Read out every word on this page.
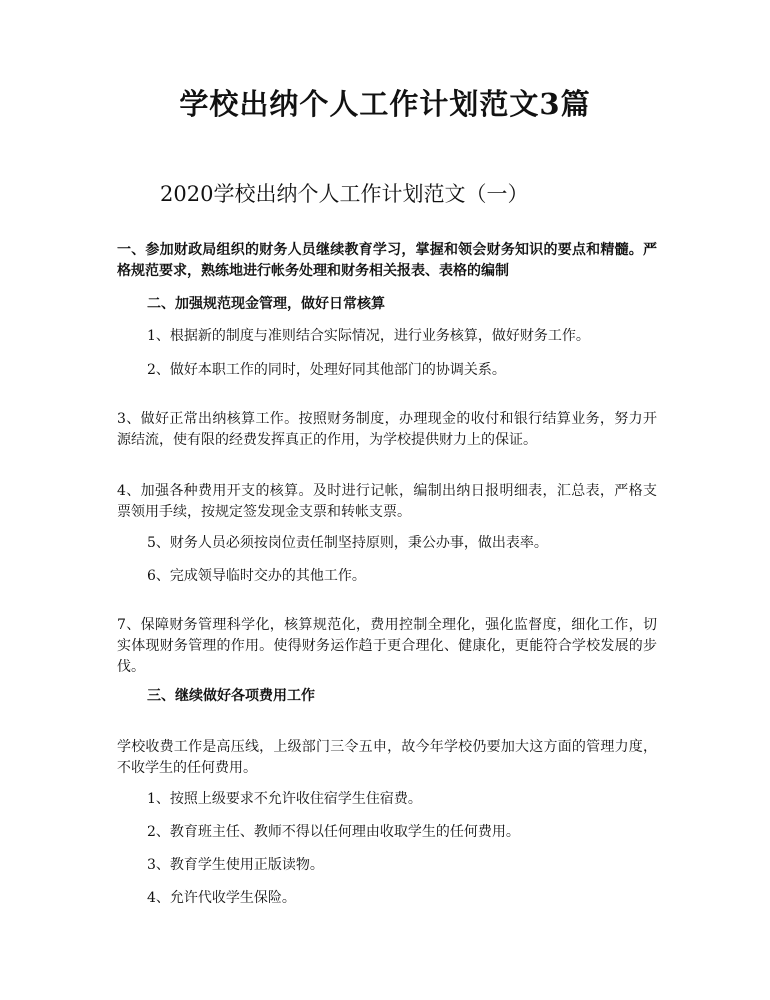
学校出纳个人工作计划范文3篇
2020学校出纳个人工作计划范文（一）

一、参加财政局组织的财务人员继续教育学习，掌握和领会财务知识的要点和精髓。严格规范要求，熟练地进行帐务处理和财务相关报表、表格的编制

二、加强规范现金管理，做好日常核算

1、根据新的制度与准则结合实际情况，进行业务核算，做好财务工作。

2、做好本职工作的同时，处理好同其他部门的协调关系。

3、做好正常出纳核算工作。按照财务制度，办理现金的收付和银行结算业务，努力开源结流，使有限的经费发挥真正的作用，为学校提供财力上的保证。

4、加强各种费用开支的核算。及时进行记帐，编制出纳日报明细表，汇总表，严格支票领用手续，按规定签发现金支票和转帐支票。

5、财务人员必须按岗位责任制坚持原则，秉公办事，做出表率。

6、完成领导临时交办的其他工作。

7、保障财务管理科学化，核算规范化，费用控制全理化，强化监督度，细化工作，切实体现财务管理的作用。使得财务运作趋于更合理化、健康化，更能符合学校发展的步伐。

三、继续做好各项费用工作

学校收费工作是高压线，上级部门三令五申，故今年学校仍要加大这方面的管理力度，不收学生的任何费用。

1、按照上级要求不允许收住宿学生住宿费。

2、教育班主任、教师不得以任何理由收取学生的任何费用。

3、教育学生使用正版读物。

4、允许代收学生保险。
